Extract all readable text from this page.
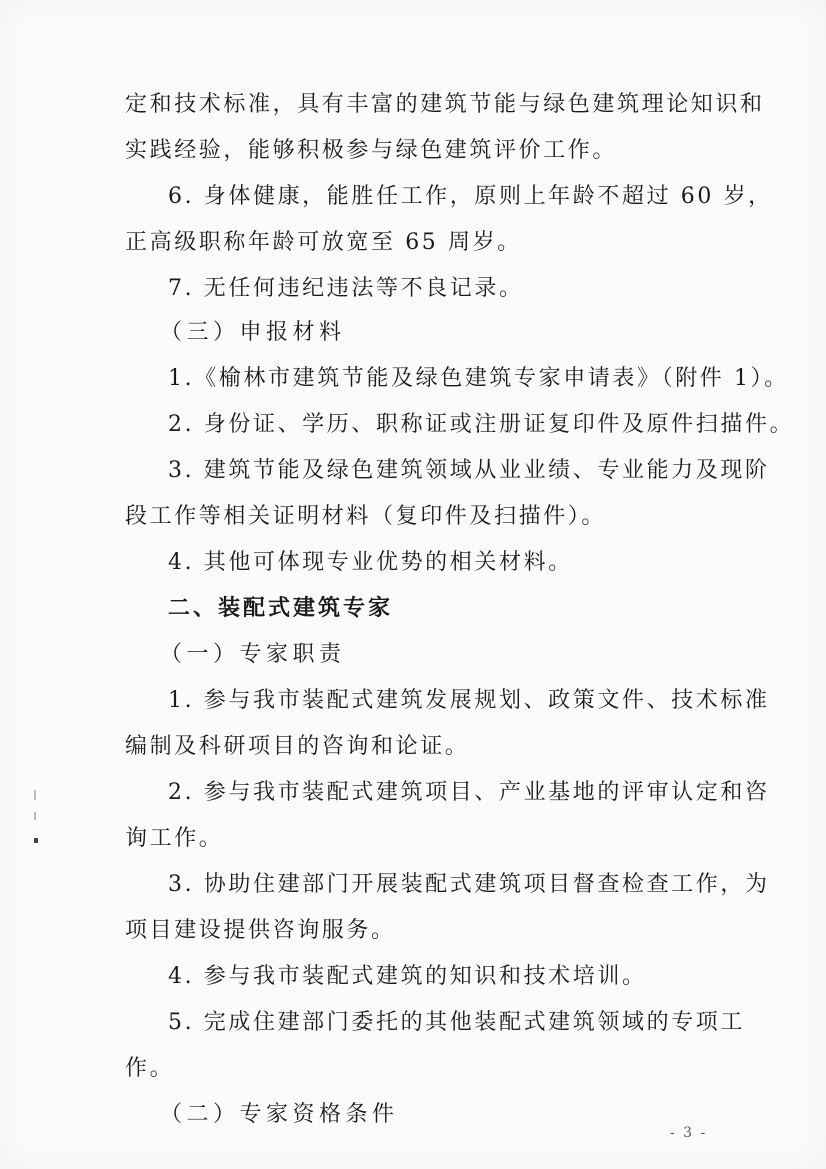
定和技术标准，具有丰富的建筑节能与绿色建筑理论知识和
实践经验，能够积极参与绿色建筑评价工作。
6. 身体健康，能胜任工作，原则上年龄不超过 60 岁，
正高级职称年龄可放宽至 65 周岁。
7. 无任何违纪违法等不良记录。
（三）申报材料
1.《榆林市建筑节能及绿色建筑专家申请表》（附件 1）。
2. 身份证、学历、职称证或注册证复印件及原件扫描件。
3. 建筑节能及绿色建筑领域从业业绩、专业能力及现阶
段工作等相关证明材料（复印件及扫描件）。
4. 其他可体现专业优势的相关材料。
二、装配式建筑专家
（一）专家职责
1. 参与我市装配式建筑发展规划、政策文件、技术标准
编制及科研项目的咨询和论证。
2. 参与我市装配式建筑项目、产业基地的评审认定和咨
询工作。
3. 协助住建部门开展装配式建筑项目督查检查工作，为
项目建设提供咨询服务。
4. 参与我市装配式建筑的知识和技术培训。
5. 完成住建部门委托的其他装配式建筑领域的专项工
作。
（二）专家资格条件
- 3 -
